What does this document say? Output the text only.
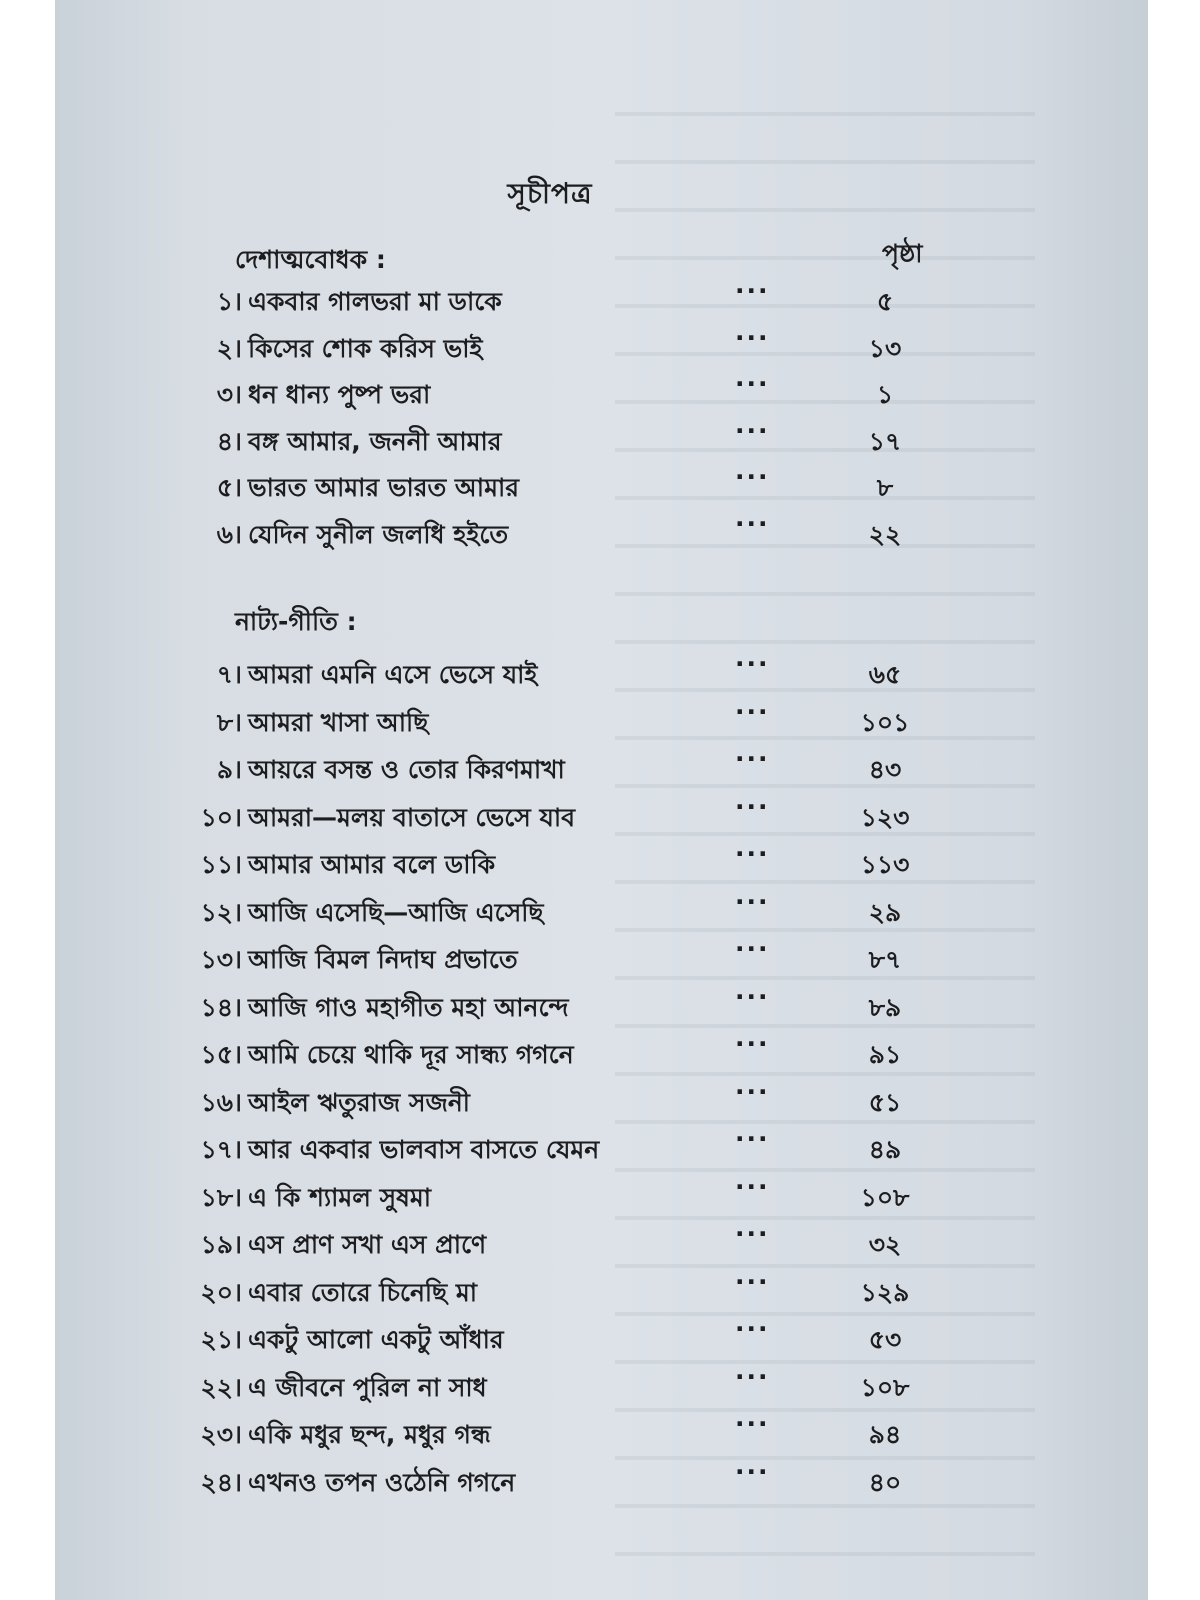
সূচীপত্র
পৃষ্ঠা
দেশাত্মবোধক :
১। একবার গালভরা মা ডাকে
...
৫
২। কিসের শোক করিস ভাই
...
১৩
৩। ধন ধান্য পুষ্প ভরা
...
১
৪। বঙ্গ আমার, জননী আমার
...
১৭
৫। ভারত আমার ভারত আমার
...
৮
৬। যেদিন সুনীল জলধি হইতে
...
২২
নাট্য-গীতি :
৭। আমরা এমনি এসে ভেসে যাই
...
৬৫
৮। আমরা খাসা আছি
...
১০১
৯। আয়রে বসন্ত ও তোর কিরণমাখা
...
৪৩
১০। আমরা—মলয় বাতাসে ভেসে যাব
...
১২৩
১১। আমার আমার বলে ডাকি
...
১১৩
১২। আজি এসেছি—আজি এসেছি
...
২৯
১৩। আজি বিমল নিদাঘ প্রভাতে
...
৮৭
১৪। আজি গাও মহাগীত মহা আনন্দে
...
৮৯
১৫। আমি চেয়ে থাকি দূর সান্ধ্য গগনে
...
৯১
১৬। আইল ঋতুরাজ সজনী
...
৫১
১৭। আর একবার ভালবাস বাসতে যেমন
...
৪৯
১৮। এ কি শ্যামল সুষমা
...
১০৮
১৯। এস প্রাণ সখা এস প্রাণে
...
৩২
২০। এবার তোরে চিনেছি মা
...
১২৯
২১। একটু আলো একটু আঁধার
...
৫৩
২২। এ জীবনে পুরিল না সাধ
...
১০৮
২৩। একি মধুর ছন্দ, মধুর গন্ধ
...
৯৪
২৪। এখনও তপন ওঠেনি গগনে
...
৪০
